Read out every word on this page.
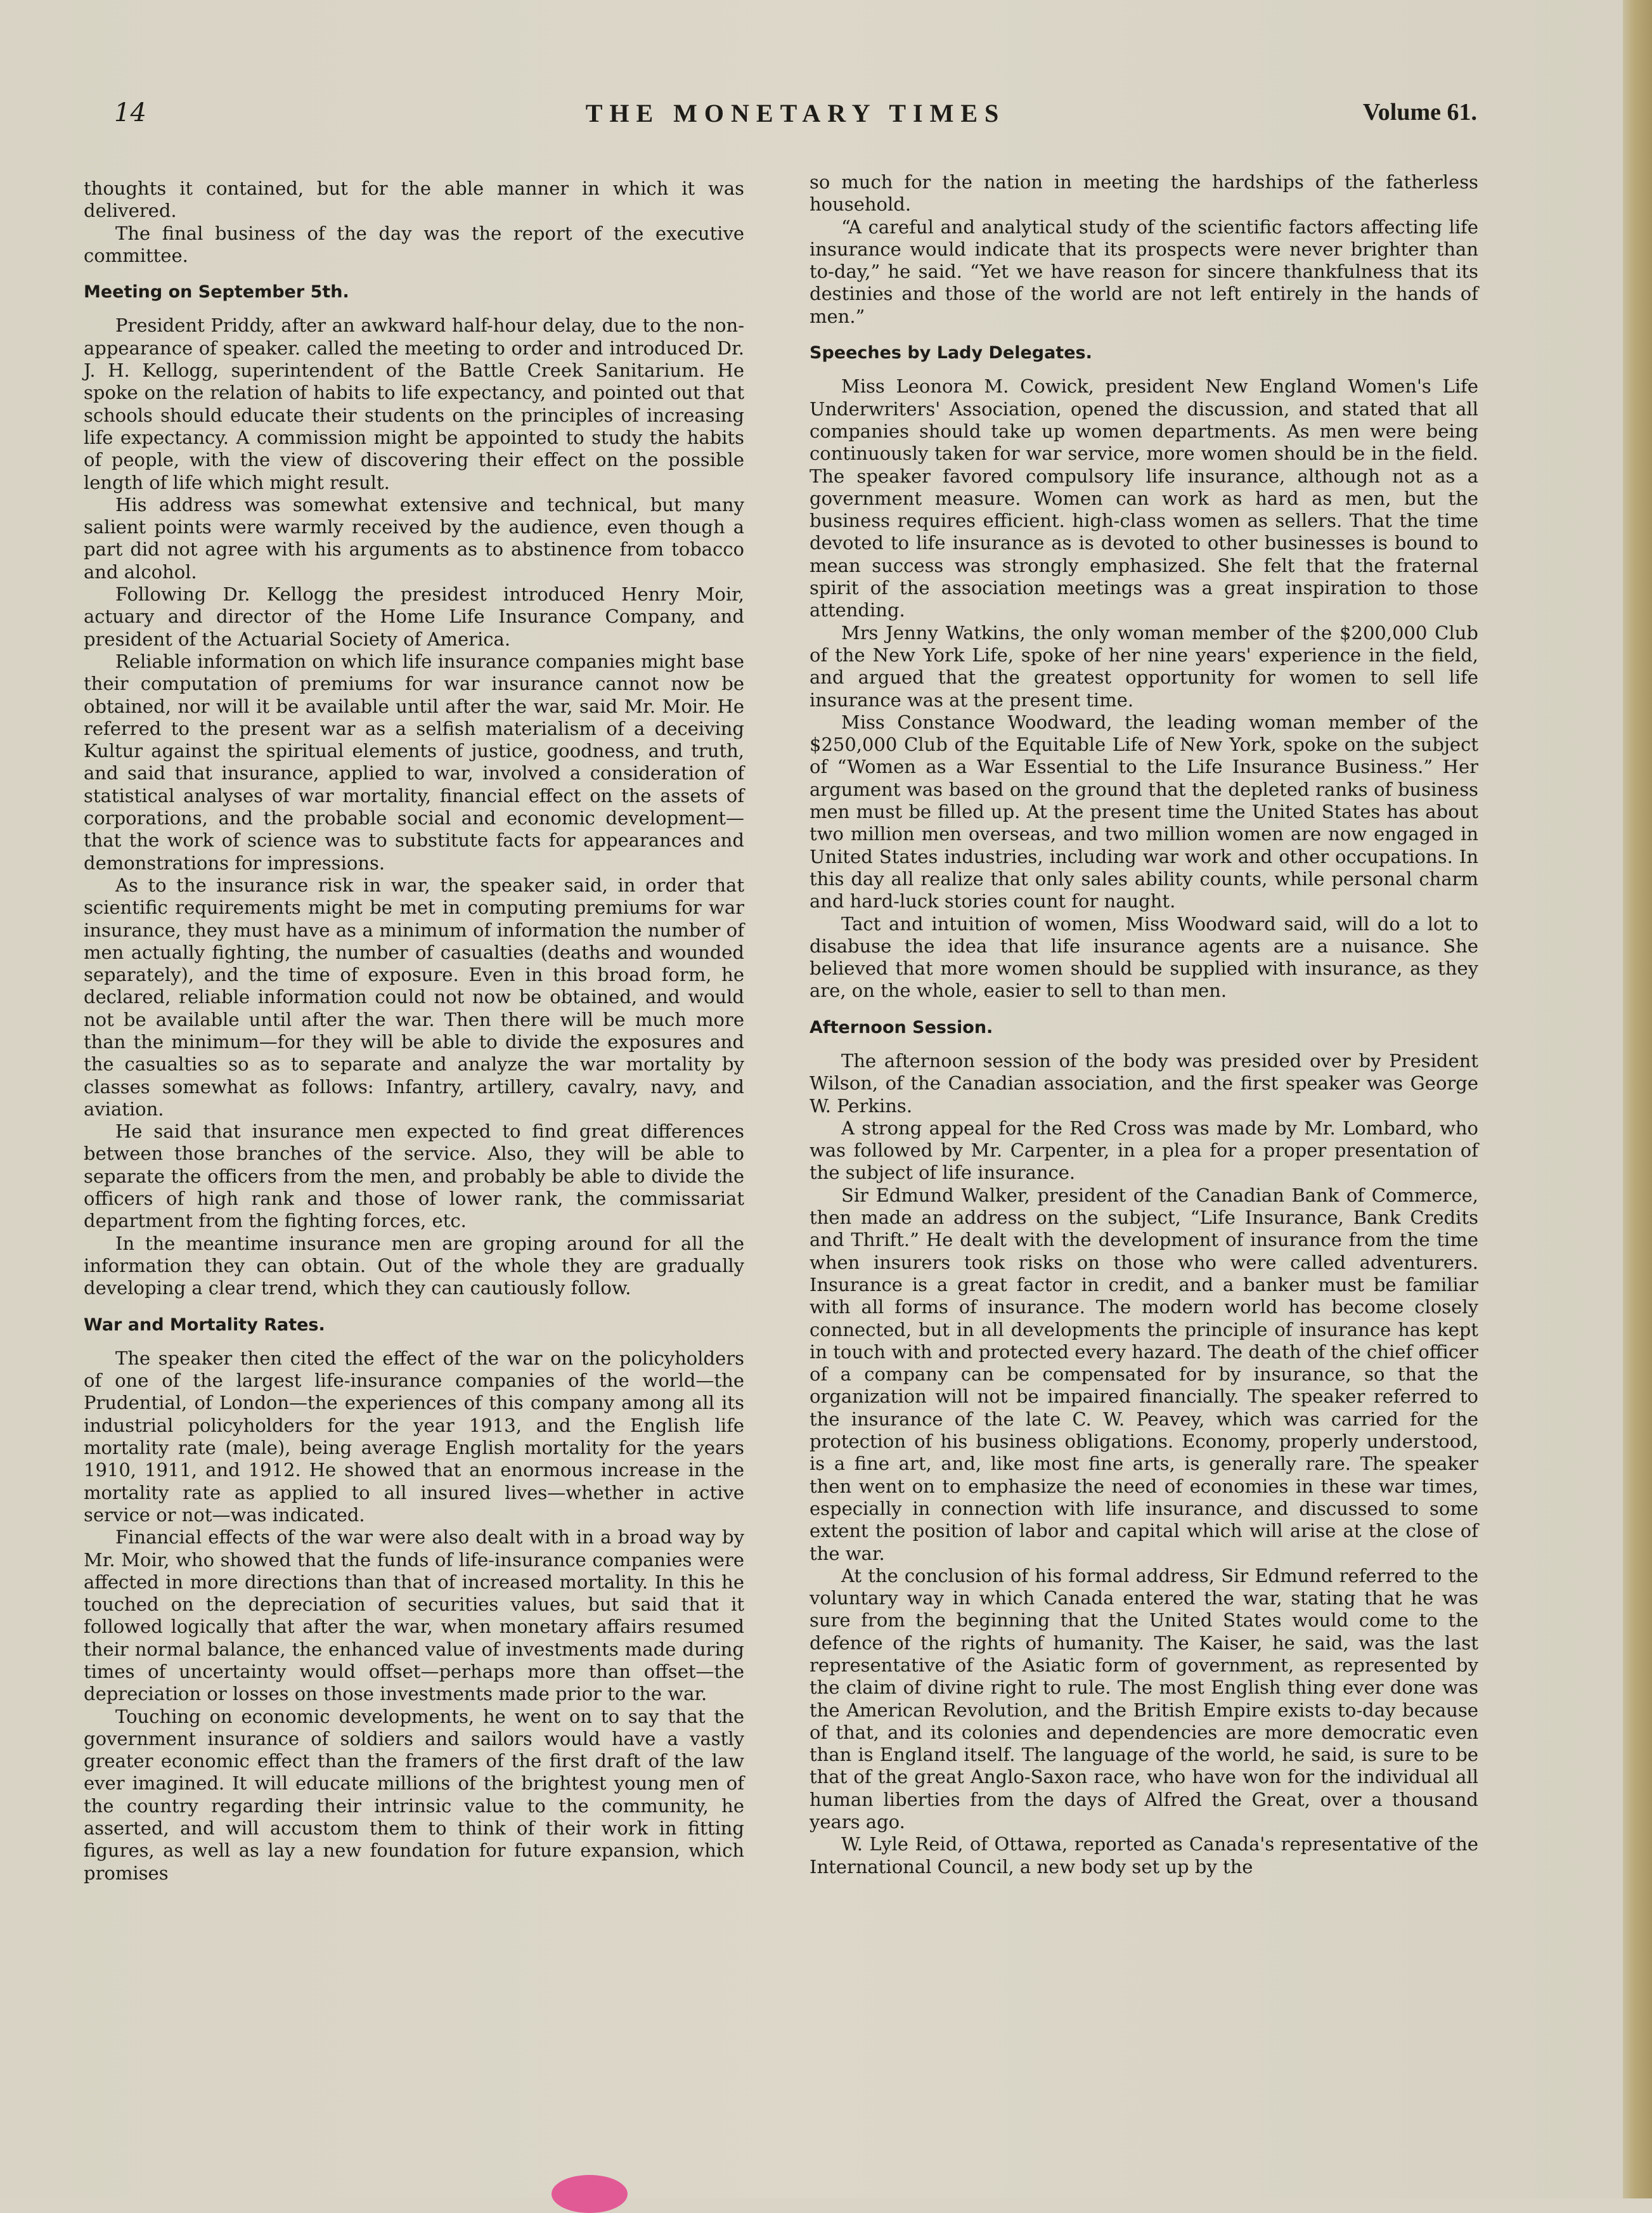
14	THE MONETARY TIMES	Volume 61.

thoughts it contained, but for the able manner in which it was delivered.

The final business of the day was the report of the executive committee.

Meeting on September 5th.

President Priddy, after an awkward half-hour delay, due to the non-appearance of speaker. called the meeting to order and introduced Dr. J. H. Kellogg, superintendent of the Battle Creek Sanitarium. He spoke on the relation of habits to life expectancy, and pointed out that schools should educate their students on the principles of increasing life expectancy. A commission might be appointed to study the habits of people, with the view of discovering their effect on the possible length of life which might result.

His address was somewhat extensive and technical, but many salient points were warmly received by the audience, even though a part did not agree with his arguments as to abstinence from tobacco and alcohol.

Following Dr. Kellogg the presidest introduced Henry Moir, actuary and director of the Home Life Insurance Company, and president of the Actuarial Society of America.

Reliable information on which life insurance companies might base their computation of premiums for war insurance cannot now be obtained, nor will it be available until after the war, said Mr. Moir. He referred to the present war as a selfish materialism of a deceiving Kultur against the spiritual elements of justice, goodness, and truth, and said that insurance, applied to war, involved a consideration of statistical analyses of war mortality, financial effect on the assets of corporations, and the probable social and economic development—that the work of science was to substitute facts for appearances and demonstrations for impressions.

As to the insurance risk in war, the speaker said, in order that scientific requirements might be met in computing premiums for war insurance, they must have as a minimum of information the number of men actually fighting, the number of casualties (deaths and wounded separately), and the time of exposure. Even in this broad form, he declared, reliable information could not now be obtained, and would not be available until after the war. Then there will be much more than the minimum—for they will be able to divide the exposures and the casualties so as to separate and analyze the war mortality by classes somewhat as follows: Infantry, artillery, cavalry, navy, and aviation.

He said that insurance men expected to find great differences between those branches of the service. Also, they will be able to separate the officers from the men, and probably be able to divide the officers of high rank and those of lower rank, the commissariat department from the fighting forces, etc.

In the meantime insurance men are groping around for all the information they can obtain. Out of the whole they are gradually developing a clear trend, which they can cautiously follow.

War and Mortality Rates.

The speaker then cited the effect of the war on the policyholders of one of the largest life-insurance companies of the world—the Prudential, of London—the experiences of this company among all its industrial policyholders for the year 1913, and the English life mortality rate (male), being average English mortality for the years 1910, 1911, and 1912. He showed that an enormous increase in the mortality rate as applied to all insured lives—whether in active service or not—was indicated.

Financial effects of the war were also dealt with in a broad way by Mr. Moir, who showed that the funds of life-insurance companies were affected in more directions than that of increased mortality. In this he touched on the depreciation of securities values, but said that it followed logically that after the war, when monetary affairs resumed their normal balance, the enhanced value of investments made during times of uncertainty would offset—perhaps more than offset—the depreciation or losses on those investments made prior to the war.

Touching on economic developments, he went on to say that the government insurance of soldiers and sailors would have a vastly greater economic effect than the framers of the first draft of the law ever imagined. It will educate millions of the brightest young men of the country regarding their intrinsic value to the community, he asserted, and will accustom them to think of their work in fitting figures, as well as lay a new foundation for future expansion, which promises

so much for the nation in meeting the hardships of the fatherless household.

“A careful and analytical study of the scientific factors affecting life insurance would indicate that its prospects were never brighter than to-day,” he said. “Yet we have reason for sincere thankfulness that its destinies and those of the world are not left entirely in the hands of men.”

Speeches by Lady Delegates.

Miss Leonora M. Cowick, president New England Women's Life Underwriters' Association, opened the discussion, and stated that all companies should take up women departments. As men were being continuously taken for war service, more women should be in the field. The speaker favored compulsory life insurance, although not as a government measure. Women can work as hard as men, but the business requires efficient. high-class women as sellers. That the time devoted to life insurance as is devoted to other businesses is bound to mean success was strongly emphasized. She felt that the fraternal spirit of the association meetings was a great inspiration to those attending.

Mrs Jenny Watkins, the only woman member of the $200,000 Club of the New York Life, spoke of her nine years' experience in the field, and argued that the greatest opportunity for women to sell life insurance was at the present time.

Miss Constance Woodward, the leading woman member of the $250,000 Club of the Equitable Life of New York, spoke on the subject of “Women as a War Essential to the Life Insurance Business.” Her argument was based on the ground that the depleted ranks of business men must be filled up. At the present time the United States has about two million men overseas, and two million women are now engaged in United States industries, including war work and other occupations. In this day all realize that only sales ability counts, while personal charm and hard-luck stories count for naught.

Tact and intuition of women, Miss Woodward said, will do a lot to disabuse the idea that life insurance agents are a nuisance. She believed that more women should be supplied with insurance, as they are, on the whole, easier to sell to than men.

Afternoon Session.

The afternoon session of the body was presided over by President Wilson, of the Canadian association, and the first speaker was George W. Perkins.

A strong appeal for the Red Cross was made by Mr. Lombard, who was followed by Mr. Carpenter, in a plea for a proper presentation of the subject of life insurance.

Sir Edmund Walker, president of the Canadian Bank of Commerce, then made an address on the subject, “Life Insurance, Bank Credits and Thrift.” He dealt with the development of insurance from the time when insurers took risks on those who were called adventurers. Insurance is a great factor in credit, and a banker must be familiar with all forms of insurance. The modern world has become closely connected, but in all developments the principle of insurance has kept in touch with and protected every hazard. The death of the chief officer of a company can be compensated for by insurance, so that the organization will not be impaired financially. The speaker referred to the insurance of the late C. W. Peavey, which was carried for the protection of his business obligations. Economy, properly understood, is a fine art, and, like most fine arts, is generally rare. The speaker then went on to emphasize the need of economies in these war times, especially in connection with life insurance, and discussed to some extent the position of labor and capital which will arise at the close of the war.

At the conclusion of his formal address, Sir Edmund referred to the voluntary way in which Canada entered the war, stating that he was sure from the beginning that the United States would come to the defence of the rights of humanity. The Kaiser, he said, was the last representative of the Asiatic form of government, as represented by the claim of divine right to rule. The most English thing ever done was the American Revolution, and the British Empire exists to-day because of that, and its colonies and dependencies are more democratic even than is England itself. The language of the world, he said, is sure to be that of the great Anglo-Saxon race, who have won for the individual all human liberties from the days of Alfred the Great, over a thousand years ago.

W. Lyle Reid, of Ottawa, reported as Canada's representative of the International Council, a new body set up by the
